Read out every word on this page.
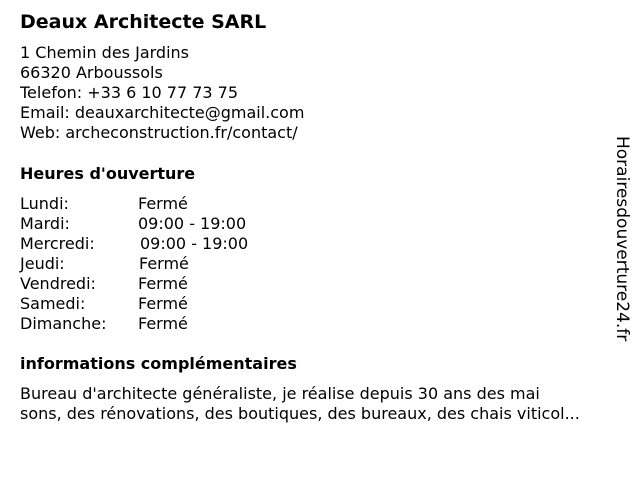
Deaux Architecte SARL
1 Chemin des Jardins
66320 Arboussols
Telefon: +33 6 10 77 73 75
Email: deauxarchitecte@gmail.com
Web: archeconstruction.fr/contact/
Heures d'ouverture
Lundi:	Fermé
Mardi:	09:00 - 19:00
Mercredi:	09:00 - 19:00
Jeudi:	Fermé
Vendredi:	Fermé
Samedi:	Fermé
Dimanche: Fermé
informations complémentaires
Bureau d'architecte généraliste, je réalise depuis 30 ans des mai
sons, des rénovations, des boutiques, des bureaux, des chais viticol...
Horairesdouverture24.fr
